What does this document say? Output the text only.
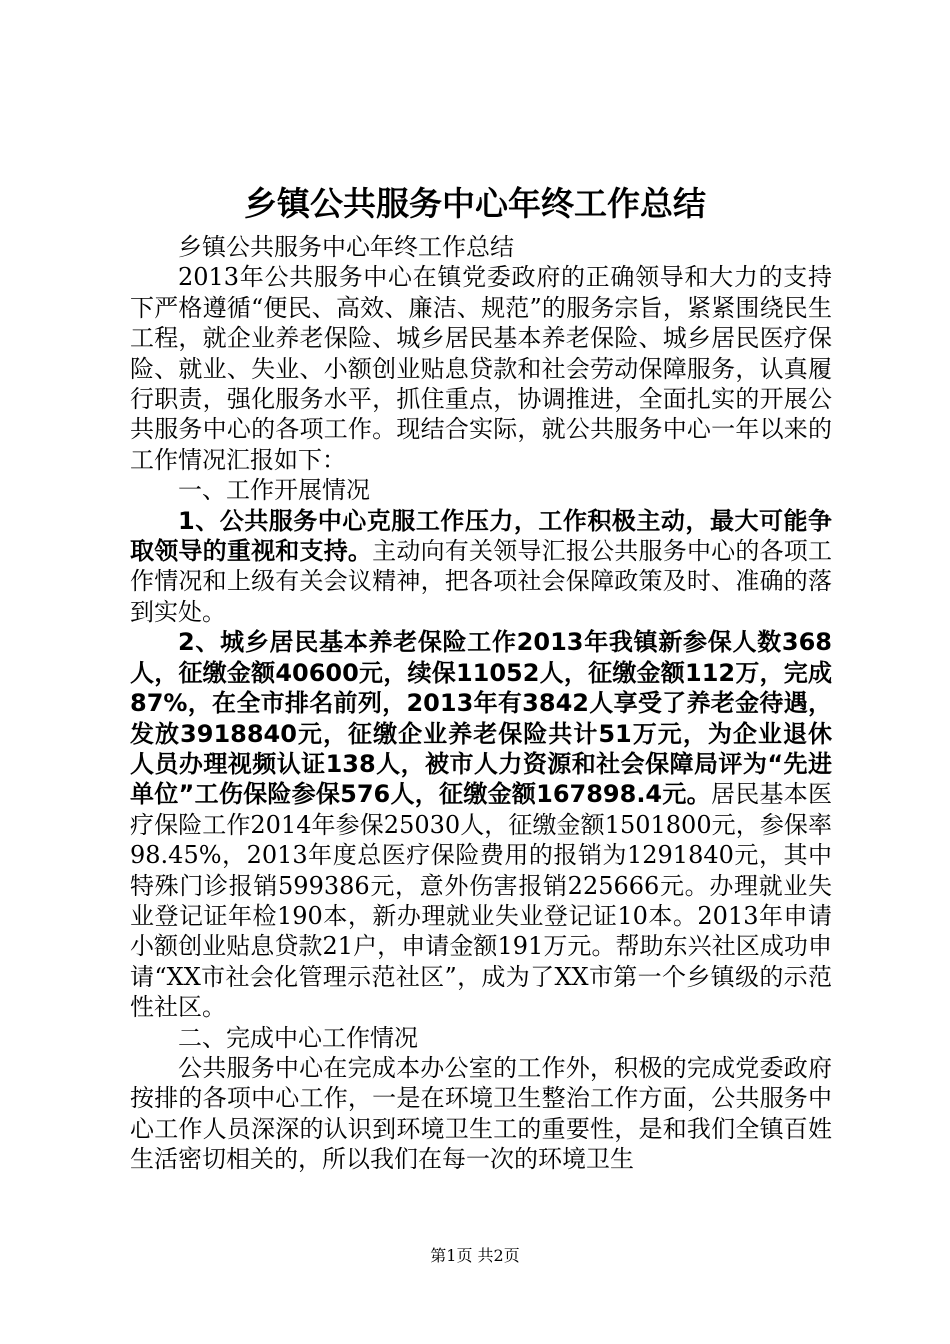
乡镇公共服务中心年终工作总结

乡镇公共服务中心年终工作总结

2013年公共服务中心在镇党委政府的正确领导和大力的支持下严格遵循“便民、高效、廉洁、规范”的服务宗旨，紧紧围绕民生工程，就企业养老保险、城乡居民基本养老保险、城乡居民医疗保险、就业、失业、小额创业贴息贷款和社会劳动保障服务，认真履行职责，强化服务水平，抓住重点，协调推进，全面扎实的开展公共服务中心的各项工作。现结合实际，就公共服务中心一年以来的工作情况汇报如下：

一、工作开展情况

1、公共服务中心克服工作压力，工作积极主动，最大可能争取领导的重视和支持。主动向有关领导汇报公共服务中心的各项工作情况和上级有关会议精神，把各项社会保障政策及时、准确的落到实处。

2、城乡居民基本养老保险工作2013年我镇新参保人数368人，征缴金额40600元，续保11052人，征缴金额112万，完成87%，在全市排名前列，2013年有3842人享受了养老金待遇，发放3918840元，征缴企业养老保险共计51万元，为企业退休人员办理视频认证138人，被市人力资源和社会保障局评为“先进单位”工伤保险参保576人，征缴金额167898.4元。居民基本医疗保险工作2014年参保25030人，征缴金额1501800元，参保率98.45%，2013年度总医疗保险费用的报销为1291840元，其中特殊门诊报销599386元，意外伤害报销225666元。办理就业失业登记证年检190本，新办理就业失业登记证10本。2013年申请小额创业贴息贷款21户，申请金额191万元。帮助东兴社区成功申请“XX市社会化管理示范社区”，成为了XX市第一个乡镇级的示范性社区。

二、完成中心工作情况

公共服务中心在完成本办公室的工作外，积极的完成党委政府按排的各项中心工作，一是在环境卫生整治工作方面，公共服务中心工作人员深深的认识到环境卫生工的重要性，是和我们全镇百姓生活密切相关的，所以我们在每一次的环境卫生

第1页 共2页
